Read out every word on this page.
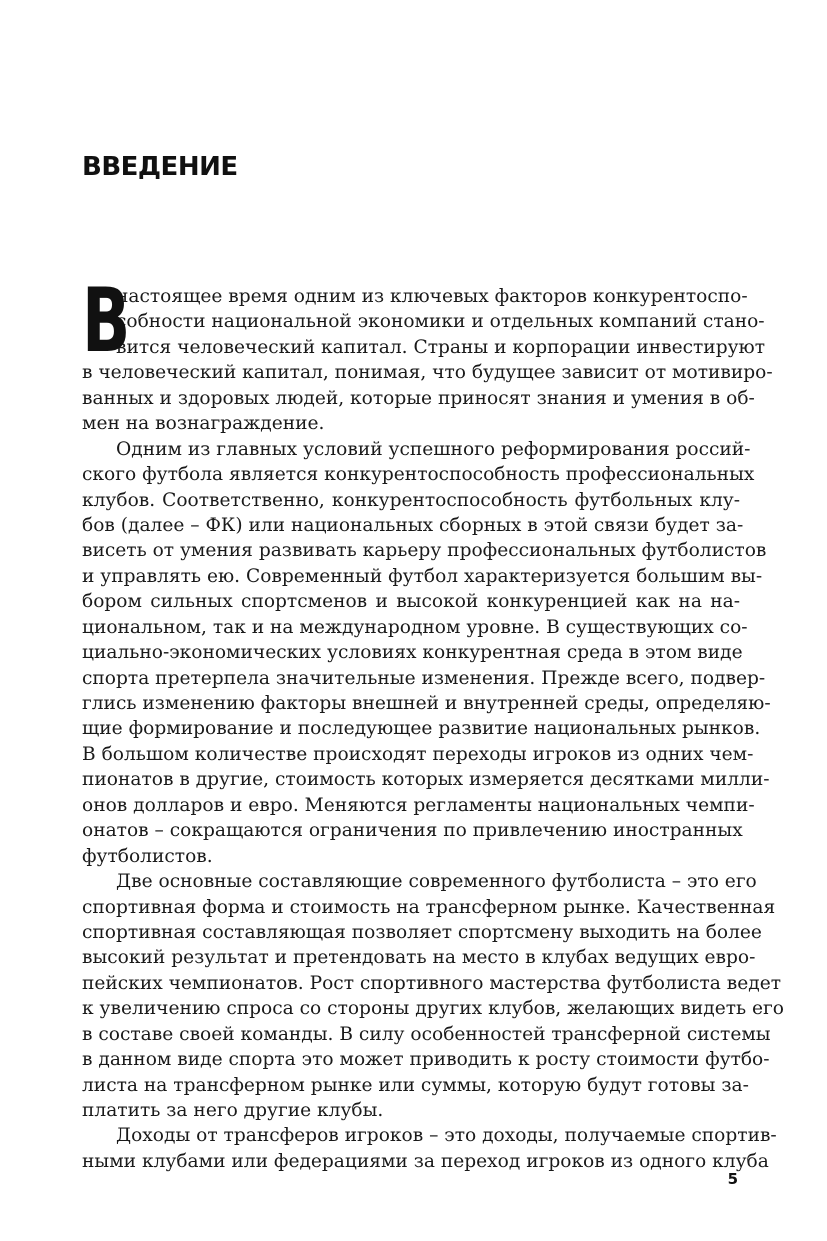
ВВЕДЕНИЕ
В
настоящее время одним из ключевых факторов конкурентоспо-
собности национальной экономики и отдельных компаний стано-
вится человеческий капитал. Страны и корпорации инвестируют
в человеческий капитал, понимая, что будущее зависит от мотивиро-
ванных и здоровых людей, которые приносят знания и умения в об-
мен на вознаграждение.
Одним из главных условий успешного реформирования россий-
ского футбола является конкурентоспособность профессиональных
клубов. Соответственно, конкурентоспособность футбольных клу-
бов (далее – ФК) или национальных сборных в этой связи будет за-
висеть от умения развивать карьеру профессиональных футболистов
и управлять ею. Современный футбол характеризуется большим вы-
бором сильных спортсменов и высокой конкуренцией как на на-
циональном, так и на международном уровне. В существующих со-
циально-экономических условиях конкурентная среда в этом виде
спорта претерпела значительные изменения. Прежде всего, подвер-
глись изменению факторы внешней и внутренней среды, определяю-
щие формирование и последующее развитие национальных рынков.
В большом количестве происходят переходы игроков из одних чем-
пионатов в другие, стоимость которых измеряется десятками милли-
онов долларов и евро. Меняются регламенты национальных чемпи-
онатов – сокращаются ограничения по привлечению иностранных
футболистов.
Две основные составляющие современного футболиста – это его
спортивная форма и стоимость на трансферном рынке. Качественная
спортивная составляющая позволяет спортсмену выходить на более
высокий результат и претендовать на место в клубах ведущих евро-
пейских чемпионатов. Рост спортивного мастерства футболиста ведет
к увеличению спроса со стороны других клубов, желающих видеть его
в составе своей команды. В силу особенностей трансферной системы
в данном виде спорта это может приводить к росту стоимости футбо-
листа на трансферном рынке или суммы, которую будут готовы за-
платить за него другие клубы.
Доходы от трансферов игроков – это доходы, получаемые спортив-
ными клубами или федерациями за переход игроков из одного клуба
5
